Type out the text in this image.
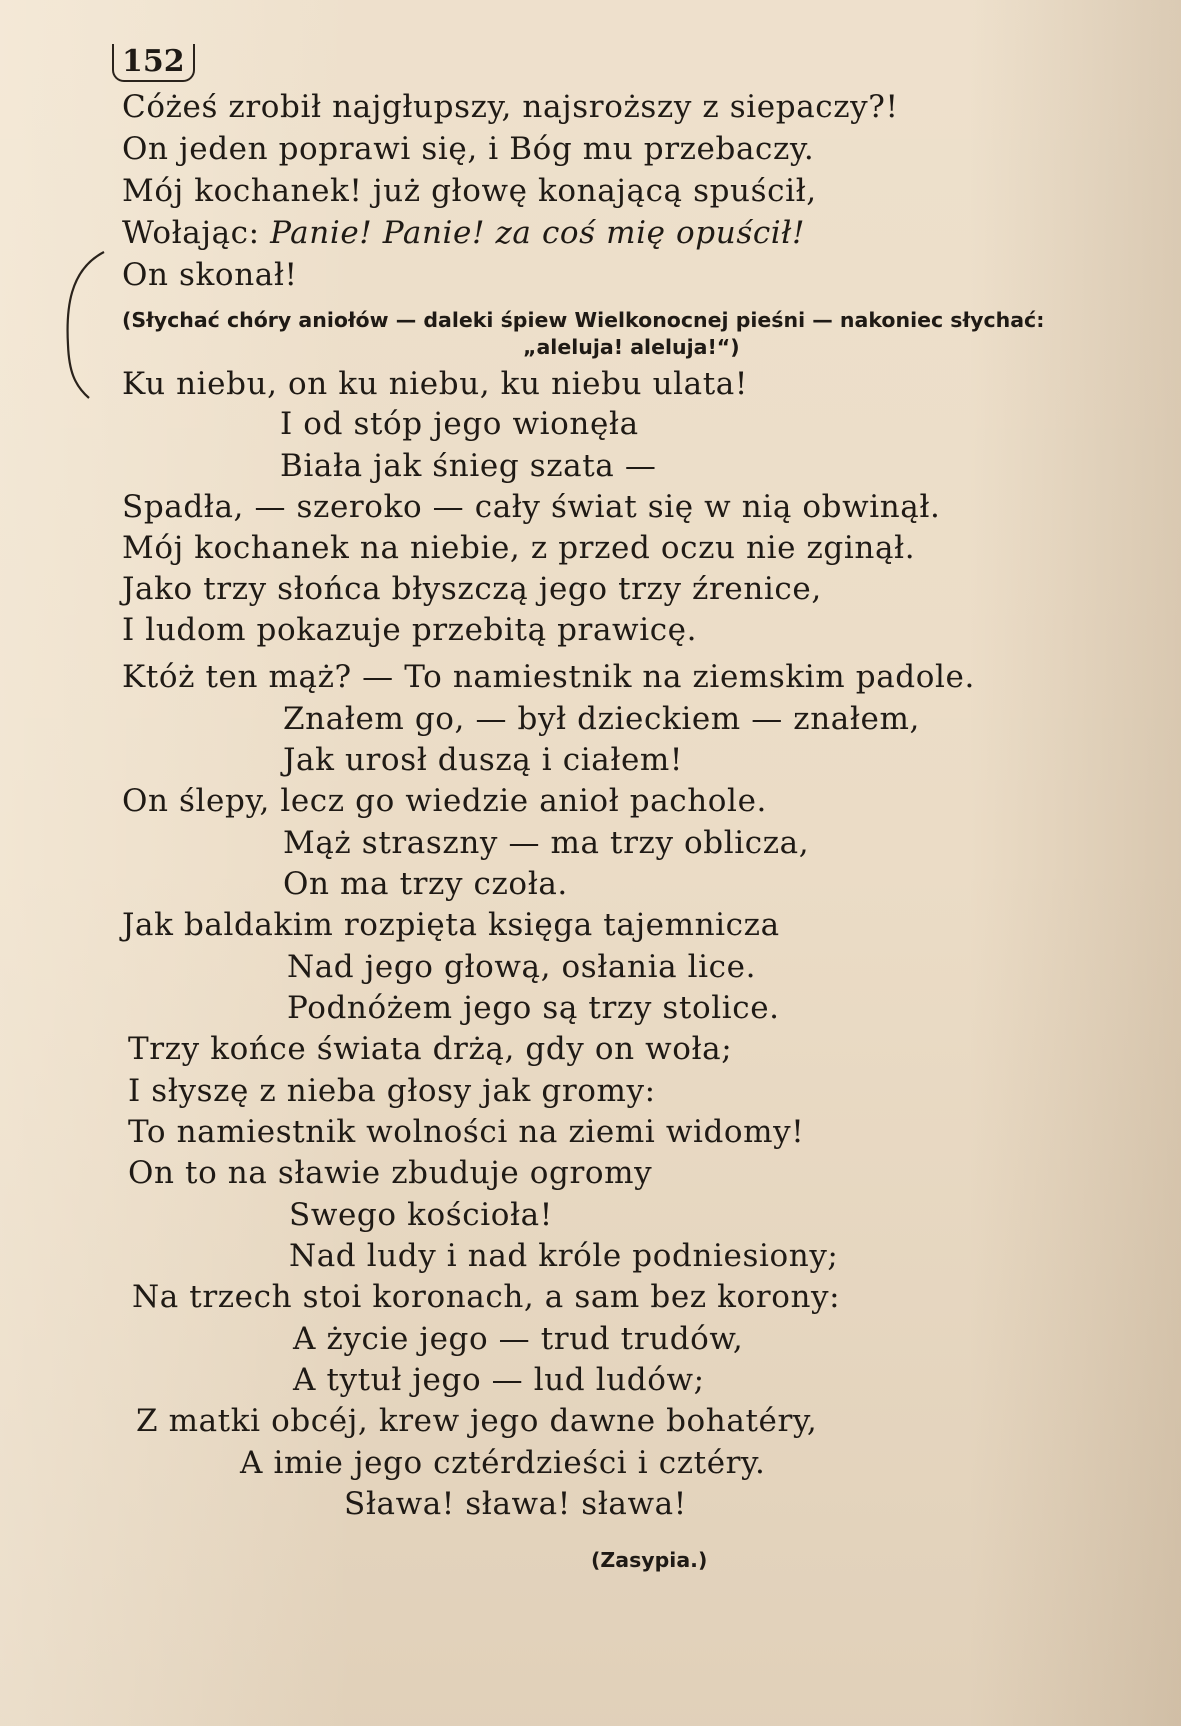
152
Cóżeś zrobił najgłupszy, najsroższy z siepaczy?!
On jeden poprawi się, i Bóg mu przebaczy.
Mój kochanek! już głowę konającą spuścił,
Wołając: Panie! Panie! za coś mię opuścił!
On skonał!
(Słychać chóry aniołów — daleki śpiew Wielkonocnej pieśni — nakoniec słychać:
„aleluja! aleluja!“)
Ku niebu, on ku niebu, ku niebu ulata!
I od stóp jego wionęła
Biała jak śnieg szata —
Spadła, — szeroko — cały świat się w nią obwinął.
Mój kochanek na niebie, z przed oczu nie zginął.
Jako trzy słońca błyszczą jego trzy źrenice,
I ludom pokazuje przebitą prawicę.
Któż ten mąż? — To namiestnik na ziemskim padole.
Znałem go, — był dzieckiem — znałem,
Jak urosł duszą i ciałem!
On ślepy, lecz go wiedzie anioł pachole.
Mąż straszny — ma trzy oblicza,
On ma trzy czoła.
Jak baldakim rozpięta księga tajemnicza
Nad jego głową, osłania lice.
Podnóżem jego są trzy stolice.
Trzy końce świata drżą, gdy on woła;
I słyszę z nieba głosy jak gromy:
To namiestnik wolności na ziemi widomy!
On to na sławie zbuduje ogromy
Swego kościoła!
Nad ludy i nad króle podniesiony;
Na trzech stoi koronach, a sam bez korony:
A życie jego — trud trudów,
A tytuł jego — lud ludów;
Z matki obcéj, krew jego dawne bohatéry,
A imie jego cztérdzieści i cztéry.
Sława! sława! sława!
(Zasypia.)
